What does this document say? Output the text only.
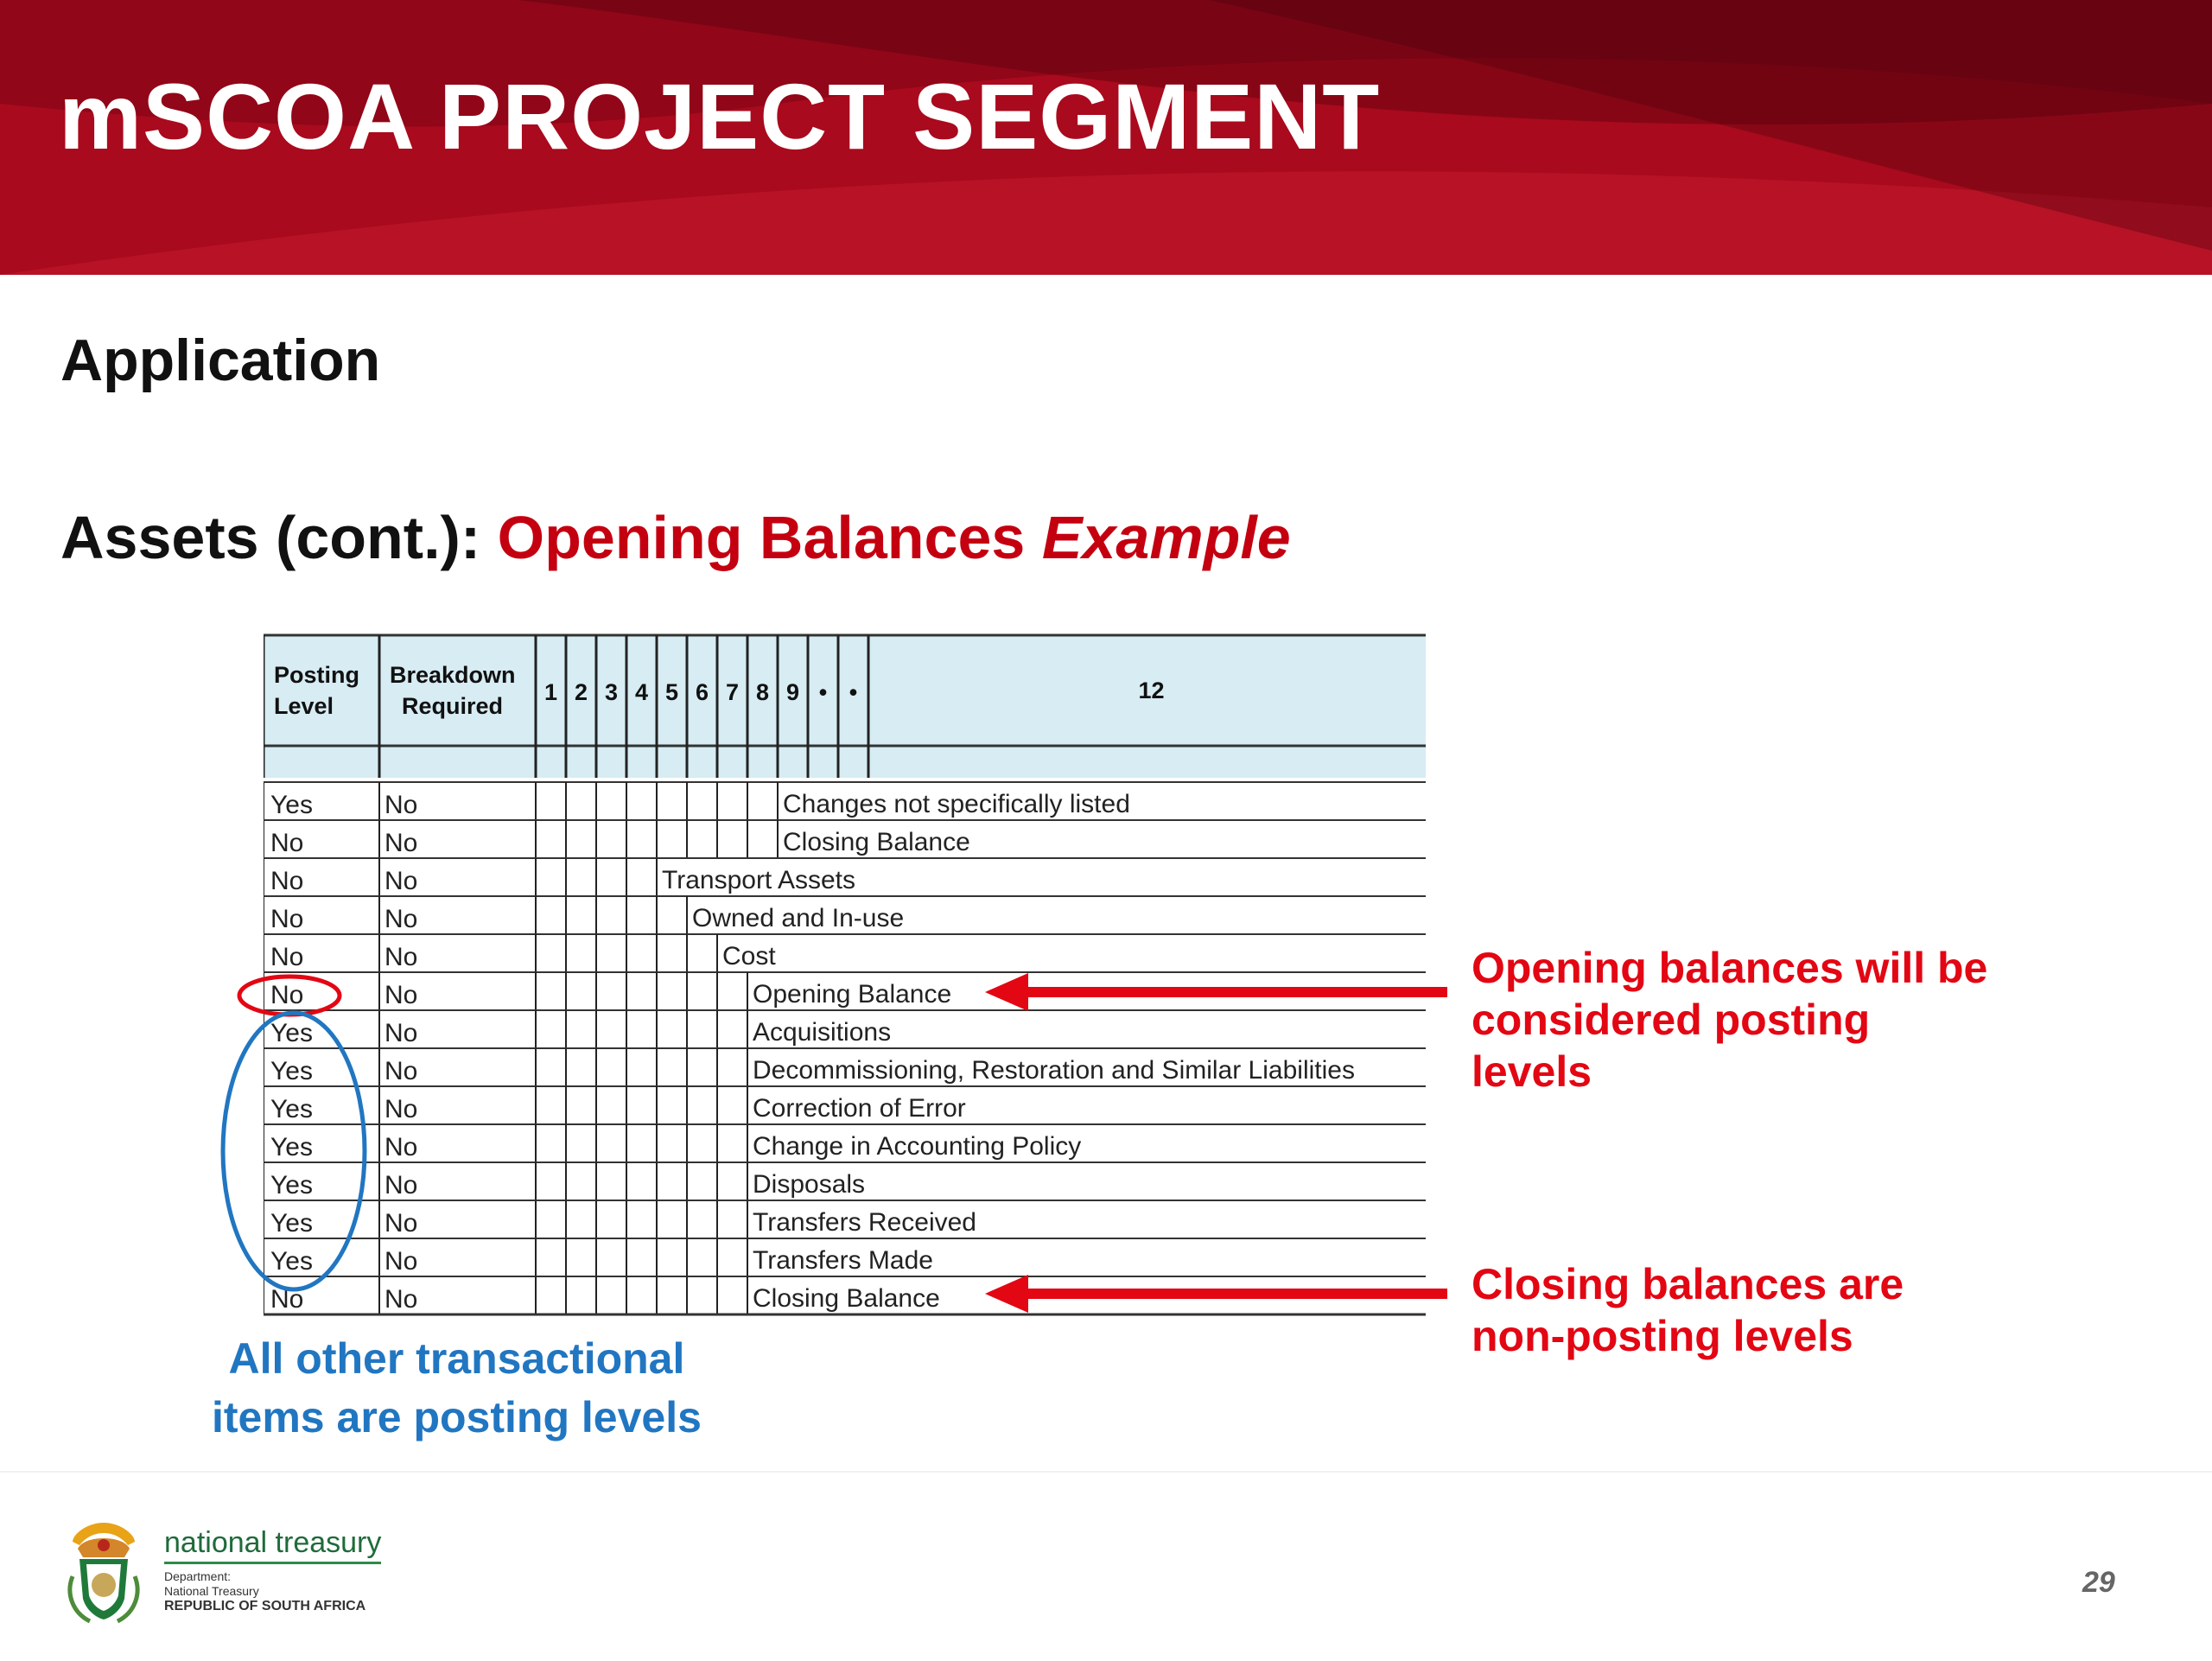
mSCOA PROJECT SEGMENT
Application
Assets (cont.): Opening Balances Example
Posting
Level
Breakdown
Required
1 2 3 4 5 6 7 8 9 • •	12
Yes	No	Changes not specifically listed
No	No	Closing Balance
No	No	Transport Assets
No	No	Owned and In-use
No	No	Cost
No	No	Opening Balance
Yes	No	Acquisitions
Yes	No	Decommissioning, Restoration and Similar Liabilities
Yes	No	Correction of Error
Yes	No	Change in Accounting Policy
Yes	No	Disposals
Yes	No	Transfers Received
Yes	No	Transfers Made
No	No	Closing Balance

Opening balances will be
considered posting
levels

Closing balances are
non-posting levels

All other transactional
items are posting levels

national treasury

Department:
National Treasury
REPUBLIC OF SOUTH AFRICA

29
